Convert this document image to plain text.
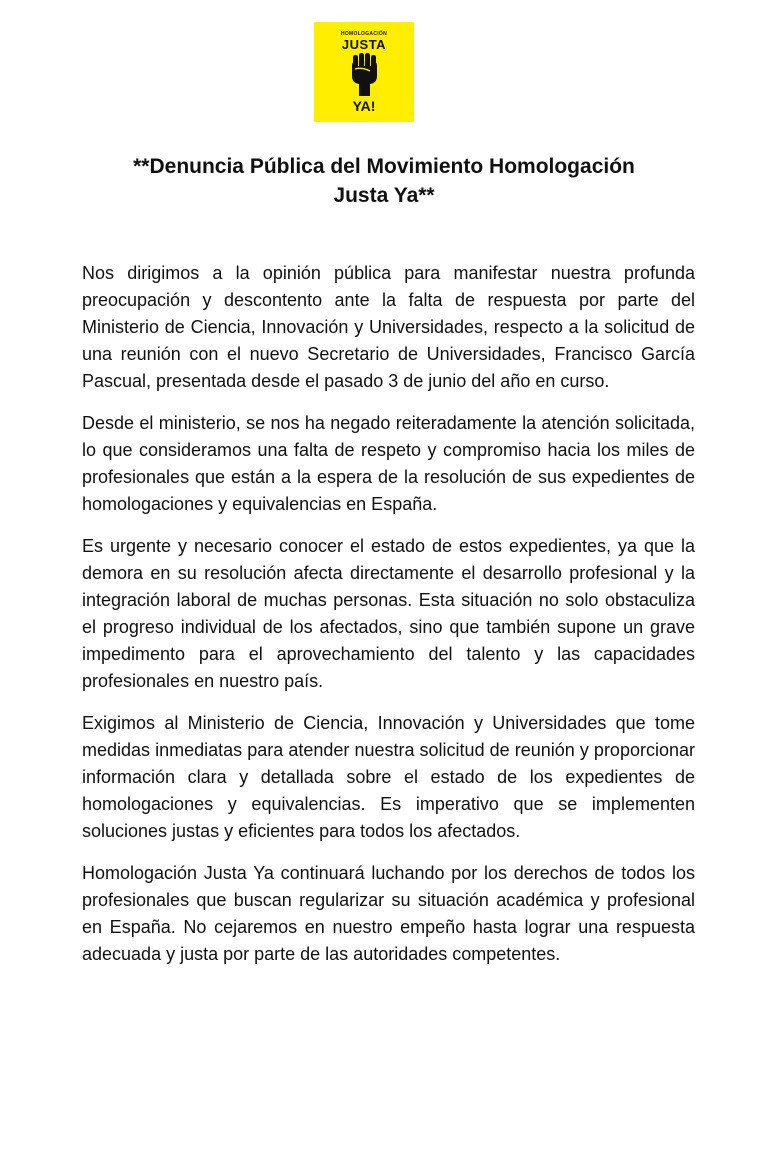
HOMOLOGACIÓN
JUSTA
YA!
**Denuncia Pública del Movimiento Homologación
Justa Ya**

Nos dirigimos a la opinión pública para manifestar nuestra profunda preocupación y descontento ante la falta de respuesta por parte del Ministerio de Ciencia, Innovación y Universidades, respecto a la solicitud de una reunión con el nuevo Secretario de Universidades, Francisco García Pascual, presentada desde el pasado 3 de junio del año en curso.

Desde el ministerio, se nos ha negado reiteradamente la atención solicitada, lo que consideramos una falta de respeto y compromiso hacia los miles de profesionales que están a la espera de la resolución de sus expedientes de homologaciones y equivalencias en España.

Es urgente y necesario conocer el estado de estos expedientes, ya que la demora en su resolución afecta directamente el desarrollo profesional y la integración laboral de muchas personas. Esta situación no solo obstaculiza el progreso individual de los afectados, sino que también supone un grave impedimento para el aprovechamiento del talento y las capacidades profesionales en nuestro país.

Exigimos al Ministerio de Ciencia, Innovación y Universidades que tome medidas inmediatas para atender nuestra solicitud de reunión y proporcionar información clara y detallada sobre el estado de los expedientes de homologaciones y equivalencias. Es imperativo que se implementen soluciones justas y eficientes para todos los afectados.

Homologación Justa Ya continuará luchando por los derechos de todos los profesionales que buscan regularizar su situación académica y profesional en España. No cejaremos en nuestro empeño hasta lograr una respuesta adecuada y justa por parte de las autoridades competentes.
